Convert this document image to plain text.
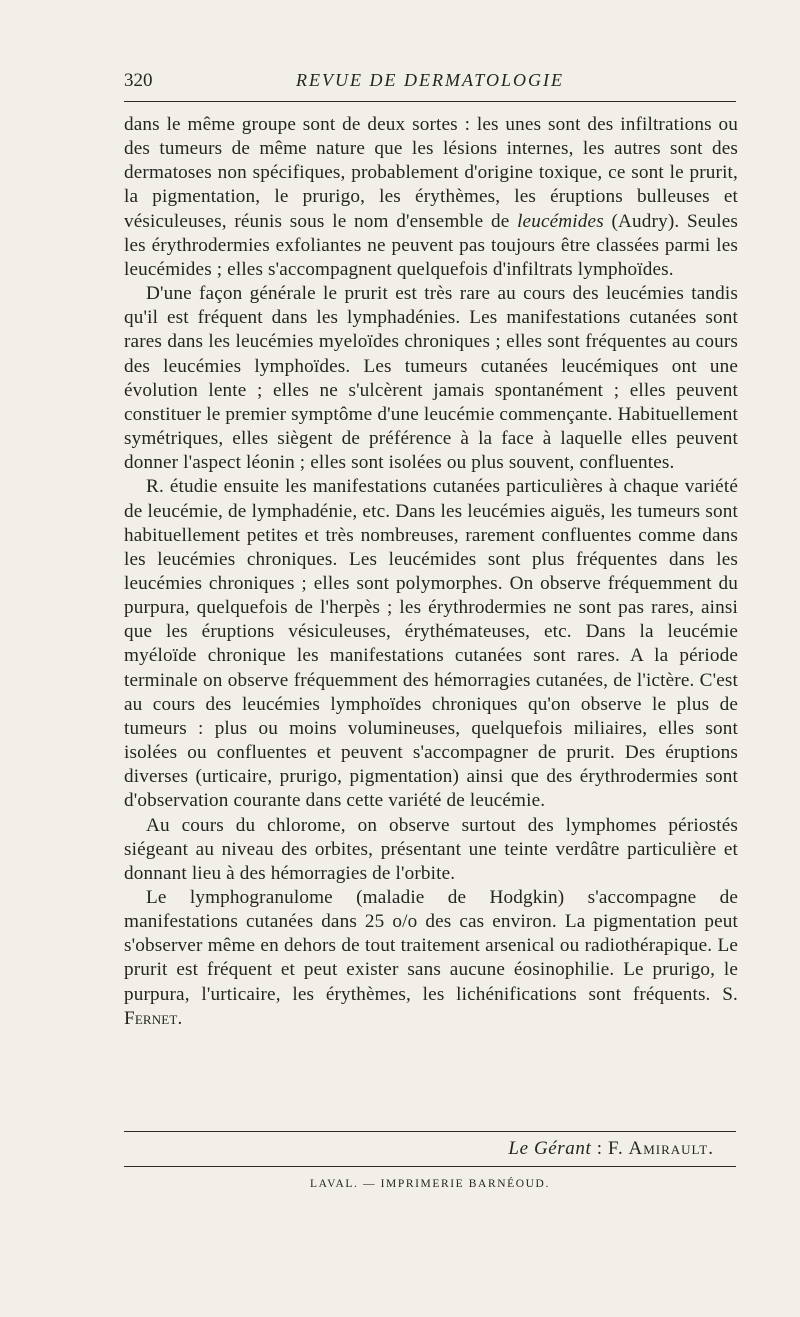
320	REVUE DE DERMATOLOGIE

dans le même groupe sont de deux sortes : les unes sont des infiltrations ou des tumeurs de même nature que les lésions internes, les autres sont des dermatoses non spécifiques, probablement d'origine toxique, ce sont le prurit, la pigmentation, le prurigo, les érythèmes, les éruptions bulleuses et vésiculeuses, réunis sous le nom d'ensemble de leucémides (Audry). Seules les érythrodermies exfoliantes ne peuvent pas toujours être classées parmi les leucémides ; elles s'accompagnent quelquefois d'infiltrats lymphoïdes.

D'une façon générale le prurit est très rare au cours des leucémies tandis qu'il est fréquent dans les lymphadénies. Les manifestations cutanées sont rares dans les leucémies myeloïdes chroniques ; elles sont fréquentes au cours des leucémies lymphoïdes. Les tumeurs cutanées leucémiques ont une évolution lente ; elles ne s'ulcèrent jamais spontanément ; elles peuvent constituer le premier symptôme d'une leucémie commençante. Habituellement symétriques, elles siègent de préférence à la face à laquelle elles peuvent donner l'aspect léonin ; elles sont isolées ou plus souvent, confluentes.

R. étudie ensuite les manifestations cutanées particulières à chaque variété de leucémie, de lymphadénie, etc. Dans les leucémies aiguës, les tumeurs sont habituellement petites et très nombreuses, rarement confluentes comme dans les leucémies chroniques. Les leucémides sont plus fréquentes dans les leucémies chroniques ; elles sont polymorphes. On observe fréquemment du purpura, quelquefois de l'herpès ; les érythrodermies ne sont pas rares, ainsi que les éruptions vésiculeuses, érythémateuses, etc. Dans la leucémie myéloïde chronique les manifestations cutanées sont rares. A la période terminale on observe fréquemment des hémorragies cutanées, de l'ictère. C'est au cours des leucémies lymphoïdes chroniques qu'on observe le plus de tumeurs : plus ou moins volumineuses, quelquefois miliaires, elles sont isolées ou confluentes et peuvent s'accompagner de prurit. Des éruptions diverses (urticaire, prurigo, pigmentation) ainsi que des érythrodermies sont d'observation courante dans cette variété de leucémie.

Au cours du chlorome, on observe surtout des lymphomes périostés siégeant au niveau des orbites, présentant une teinte verdâtre particulière et donnant lieu à des hémorragies de l'orbite.

Le lymphogranulome (maladie de Hodgkin) s'accompagne de manifestations cutanées dans 25 o/o des cas environ. La pigmentation peut s'observer même en dehors de tout traitement arsenical ou radiothérapique. Le prurit est fréquent et peut exister sans aucune éosinophilie. Le prurigo, le purpura, l'urticaire, les érythèmes, les lichénifications sont fréquents. S. Fernet.

Le Gérant : F. Amirault.
LAVAL. — IMPRIMERIE BARNÉOUD.
